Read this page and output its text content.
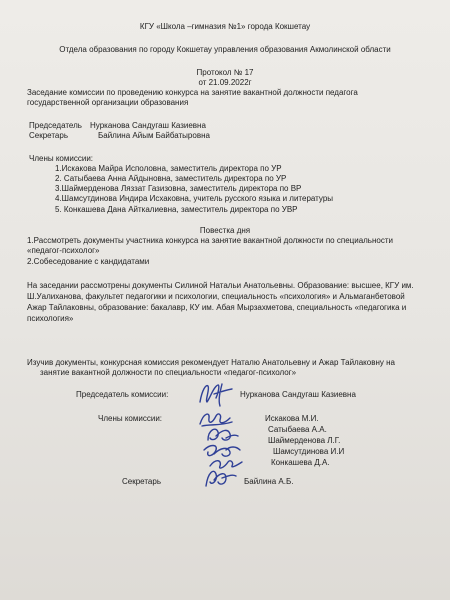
КГУ «Школа –гимназия №1» города Кокшетау
Отдела образования по городу Кокшетау управления образования Акмолинской области
Протокол № 17
от 21.09.2022г
Заседание комиссии по проведению конкурса на занятие вакантной должности педагога
государственной организации образования
Председатель Нурканова Сандугаш Казиевна
Секретарь	Байлина Айым Байбатыровна
Члены комиссии:
1.Искакова Майра Исполовна, заместитель директора по УР
2. Сатыбаева Анна Айдыновна, заместитель директора по УР
3.Шаймерденова Ляззат Газизовна, заместитель директора по ВР
4.Шамсутдинова Индира Исхаковна, учитель русского языка и литературы
5. Конкашева Дана Айткалиевна, заместитель директора по УВР
Повестка дня
1.Рассмотреть документы участника конкурса на занятие вакантной должности по специальности
«педагог-психолог»
2.Собеседование с кандидатами
На заседании рассмотрены документы Силиной Натальи Анатольевны. Образование: высшее, КГУ им.
Ш.Уалиханова, факультет педагогики и психологии, специальность «психология» и Альмаганбетовой
Ажар Тайлаковны, образование: бакалавр, КУ им. Абая Мырзахметова, специальность «педагогика и
психология»
Изучив документы, конкурсная комиссия рекомендует Наталю Анатольевну и Ажар Тайлаковну на
занятие вакантной должности по специальности «педагог-психолог»
Председатель комиссии:	Нурканова Сандугаш Казиевна
Члены комиссии:	Искакова М.И.
Сатыбаева А.А.
Шаймерденова Л.Г.
Шамсутдинова И.И
Конкашева Д.А.
Секретарь	Байлина А.Б.
